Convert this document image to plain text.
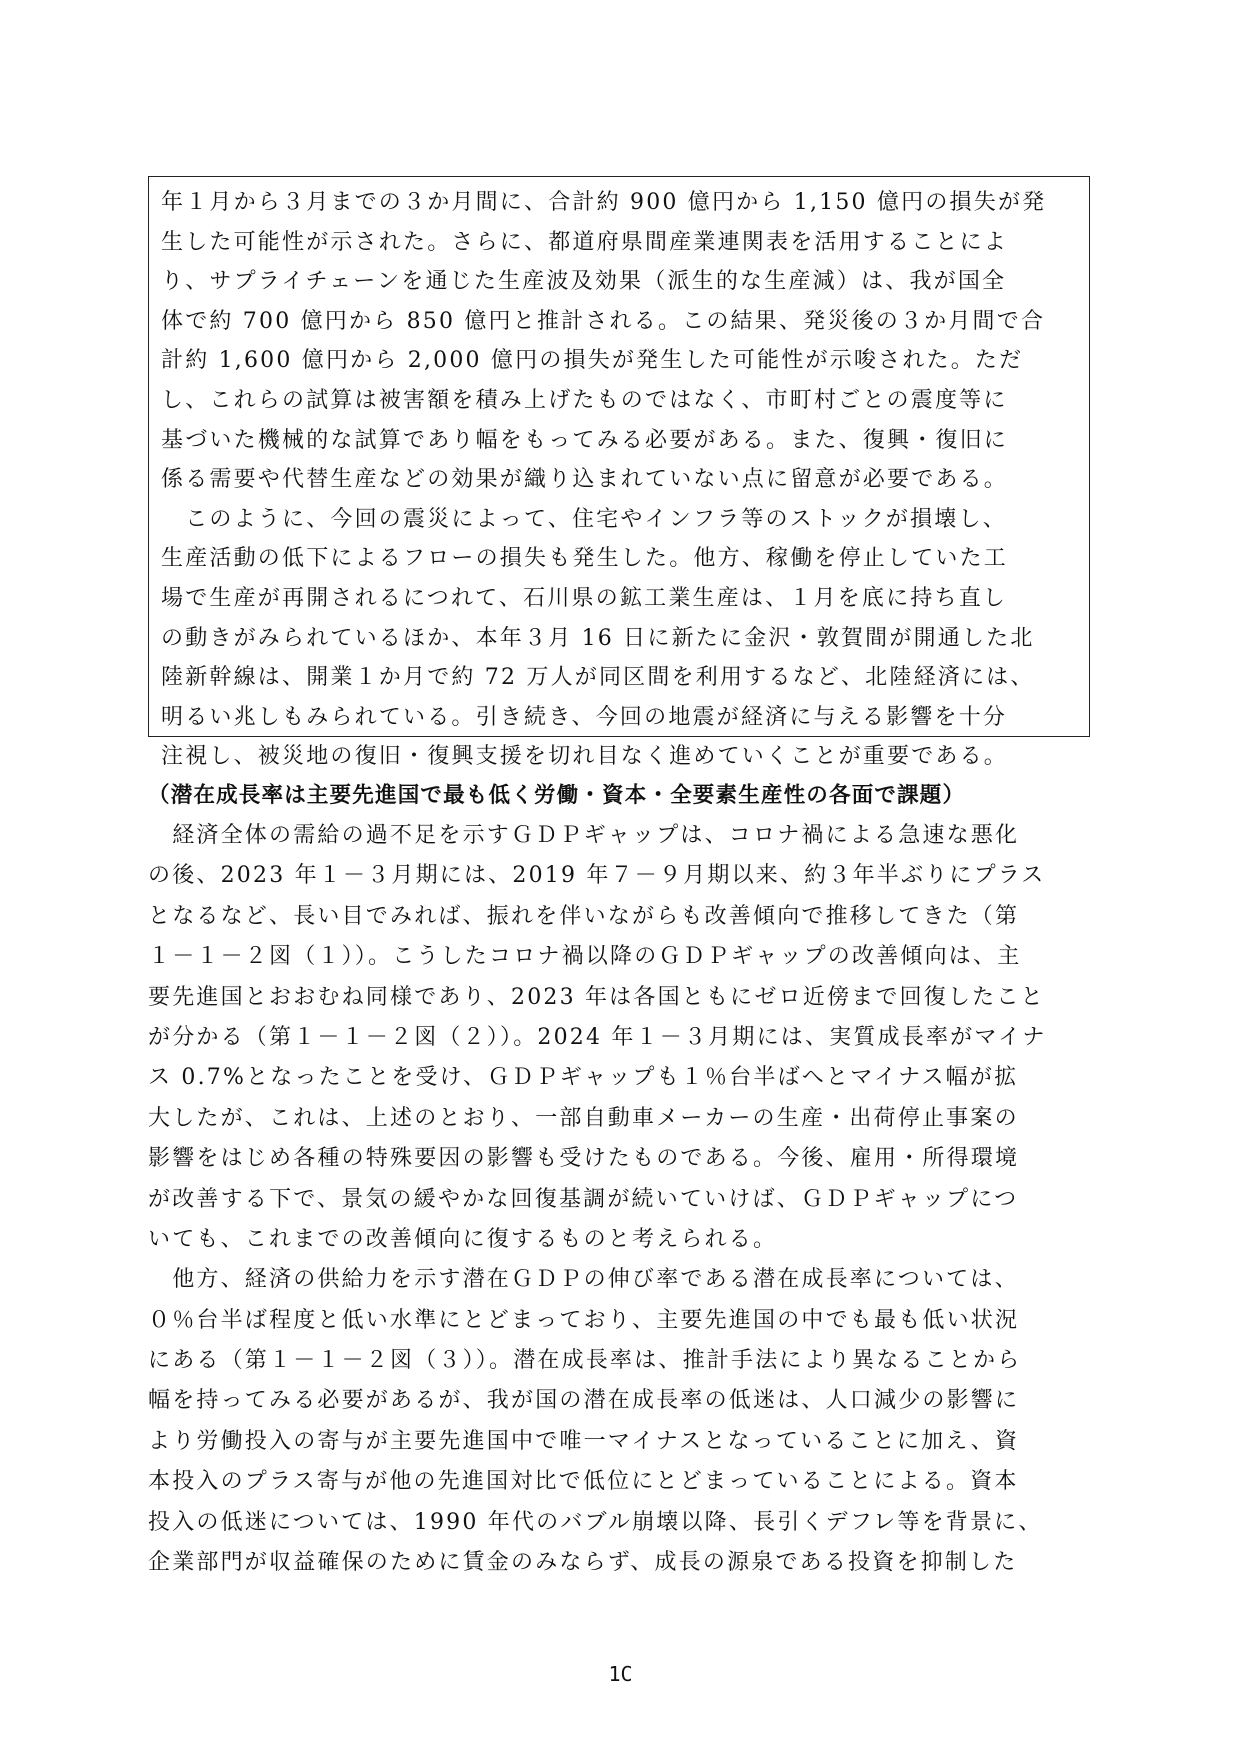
年１月から３月までの３か月間に、合計約 900 億円から 1,150 億円の損失が発
生した可能性が示された。さらに、都道府県間産業連関表を活用することによ
り、サプライチェーンを通じた生産波及効果（派生的な生産減）は、我が国全
体で約 700 億円から 850 億円と推計される。この結果、発災後の３か月間で合
計約 1,600 億円から 2,000 億円の損失が発生した可能性が示唆された。ただ
し、これらの試算は被害額を積み上げたものではなく、市町村ごとの震度等に
基づいた機械的な試算であり幅をもってみる必要がある。また、復興・復旧に
係る需要や代替生産などの効果が織り込まれていない点に留意が必要である。
　このように、今回の震災によって、住宅やインフラ等のストックが損壊し、
生産活動の低下によるフローの損失も発生した。他方、稼働を停止していた工
場で生産が再開されるにつれて、石川県の鉱工業生産は、１月を底に持ち直し
の動きがみられているほか、本年３月 16 日に新たに金沢・敦賀間が開通した北
陸新幹線は、開業１か月で約 72 万人が同区間を利用するなど、北陸経済には、
明るい兆しもみられている。引き続き、今回の地震が経済に与える影響を十分
注視し、被災地の復旧・復興支援を切れ目なく進めていくことが重要である。
（潜在成長率は主要先進国で最も低く労働・資本・全要素生産性の各面で課題）
　経済全体の需給の過不足を示すＧＤＰギャップは、コロナ禍による急速な悪化
の後、2023 年１－３月期には、2019 年７－９月期以来、約３年半ぶりにプラス
となるなど、長い目でみれば、振れを伴いながらも改善傾向で推移してきた（第
１－１－２図（１））。こうしたコロナ禍以降のＧＤＰギャップの改善傾向は、主
要先進国とおおむね同様であり、2023 年は各国ともにゼロ近傍まで回復したこと
が分かる（第１－１－２図（２））。2024 年１－３月期には、実質成長率がマイナ
ス 0.7%となったことを受け、ＧＤＰギャップも１％台半ばへとマイナス幅が拡
大したが、これは、上述のとおり、一部自動車メーカーの生産・出荷停止事案の
影響をはじめ各種の特殊要因の影響も受けたものである。今後、雇用・所得環境
が改善する下で、景気の緩やかな回復基調が続いていけば、ＧＤＰギャップにつ
いても、これまでの改善傾向に復するものと考えられる。
　他方、経済の供給力を示す潜在ＧＤＰの伸び率である潜在成長率については、
０％台半ば程度と低い水準にとどまっており、主要先進国の中でも最も低い状況
にある（第１－１－２図（３））。潜在成長率は、推計手法により異なることから
幅を持ってみる必要があるが、我が国の潜在成長率の低迷は、人口減少の影響に
より労働投入の寄与が主要先進国中で唯一マイナスとなっていることに加え、資
本投入のプラス寄与が他の先進国対比で低位にとどまっていることによる。資本
投入の低迷については、1990 年代のバブル崩壊以降、長引くデフレ等を背景に、
企業部門が収益確保のために賃金のみならず、成長の源泉である投資を抑制した
1C
